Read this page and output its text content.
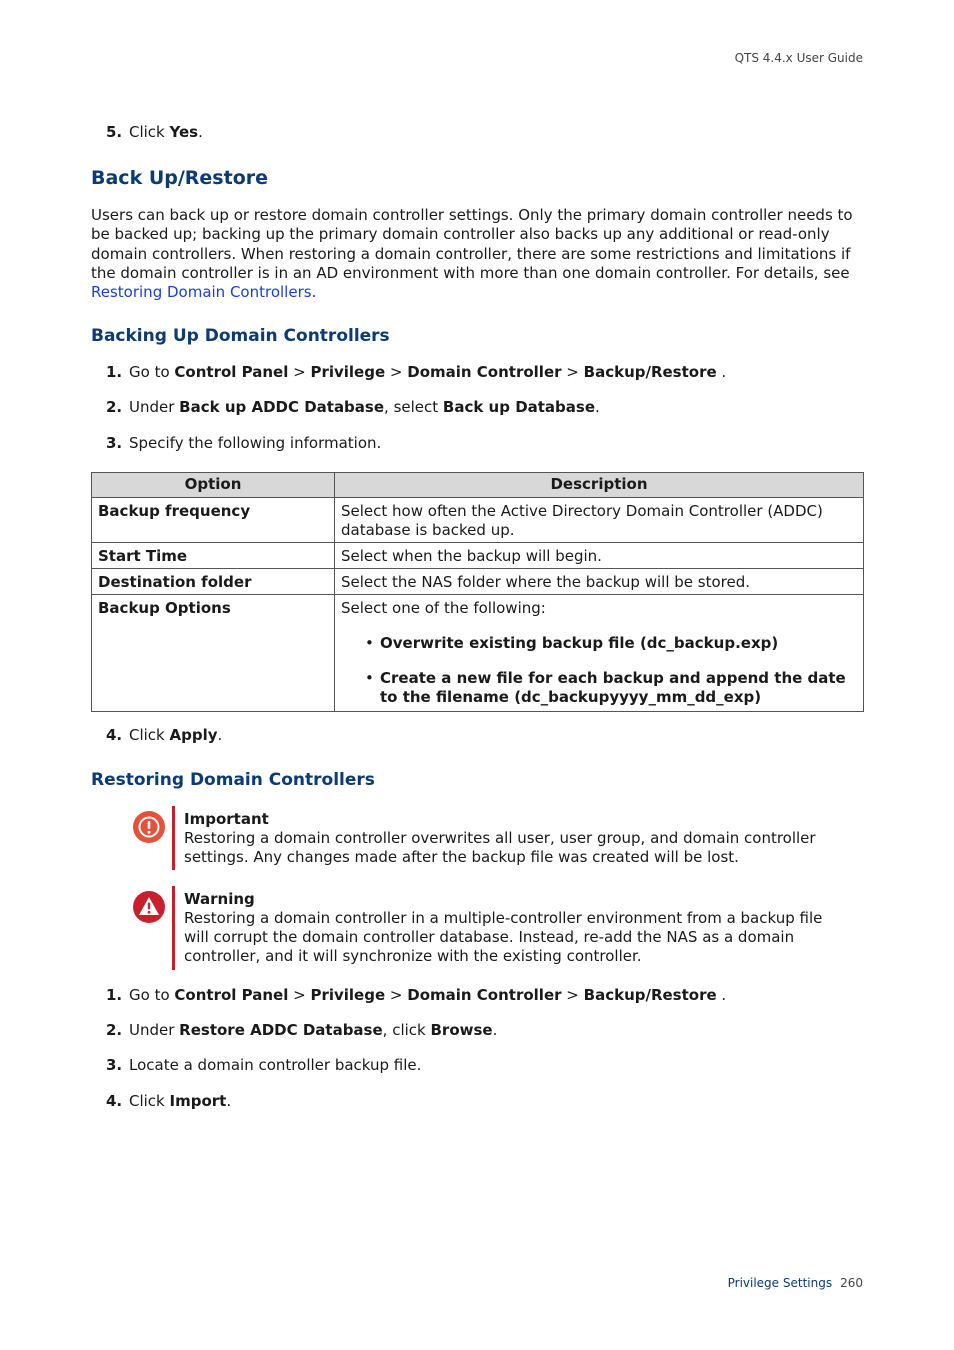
QTS 4.4.x User Guide
5. Click Yes.
Back Up/Restore
Users can back up or restore domain controller settings. Only the primary domain controller needs to be backed up; backing up the primary domain controller also backs up any additional or read-only domain controllers. When restoring a domain controller, there are some restrictions and limitations if the domain controller is in an AD environment with more than one domain controller. For details, see Restoring Domain Controllers.
Backing Up Domain Controllers
1. Go to Control Panel > Privilege > Domain Controller > Backup/Restore .
2. Under Back up ADDC Database, select Back up Database.
3. Specify the following information.
Option	Description
Backup frequency	Select how often the Active Directory Domain Controller (ADDC) database is backed up.
Start Time	Select when the backup will begin.
Destination folder	Select the NAS folder where the backup will be stored.
Backup Options	Select one of the following:
• Overwrite existing backup file (dc_backup.exp)
• Create a new file for each backup and append the date to the filename (dc_backupyyyy_mm_dd_exp)
4. Click Apply.
Restoring Domain Controllers
Important
Restoring a domain controller overwrites all user, user group, and domain controller settings. Any changes made after the backup file was created will be lost.
Warning
Restoring a domain controller in a multiple-controller environment from a backup file will corrupt the domain controller database. Instead, re-add the NAS as a domain controller, and it will synchronize with the existing controller.
1. Go to Control Panel > Privilege > Domain Controller > Backup/Restore .
2. Under Restore ADDC Database, click Browse.
3. Locate a domain controller backup file.
4. Click Import.
Privilege Settings 260
